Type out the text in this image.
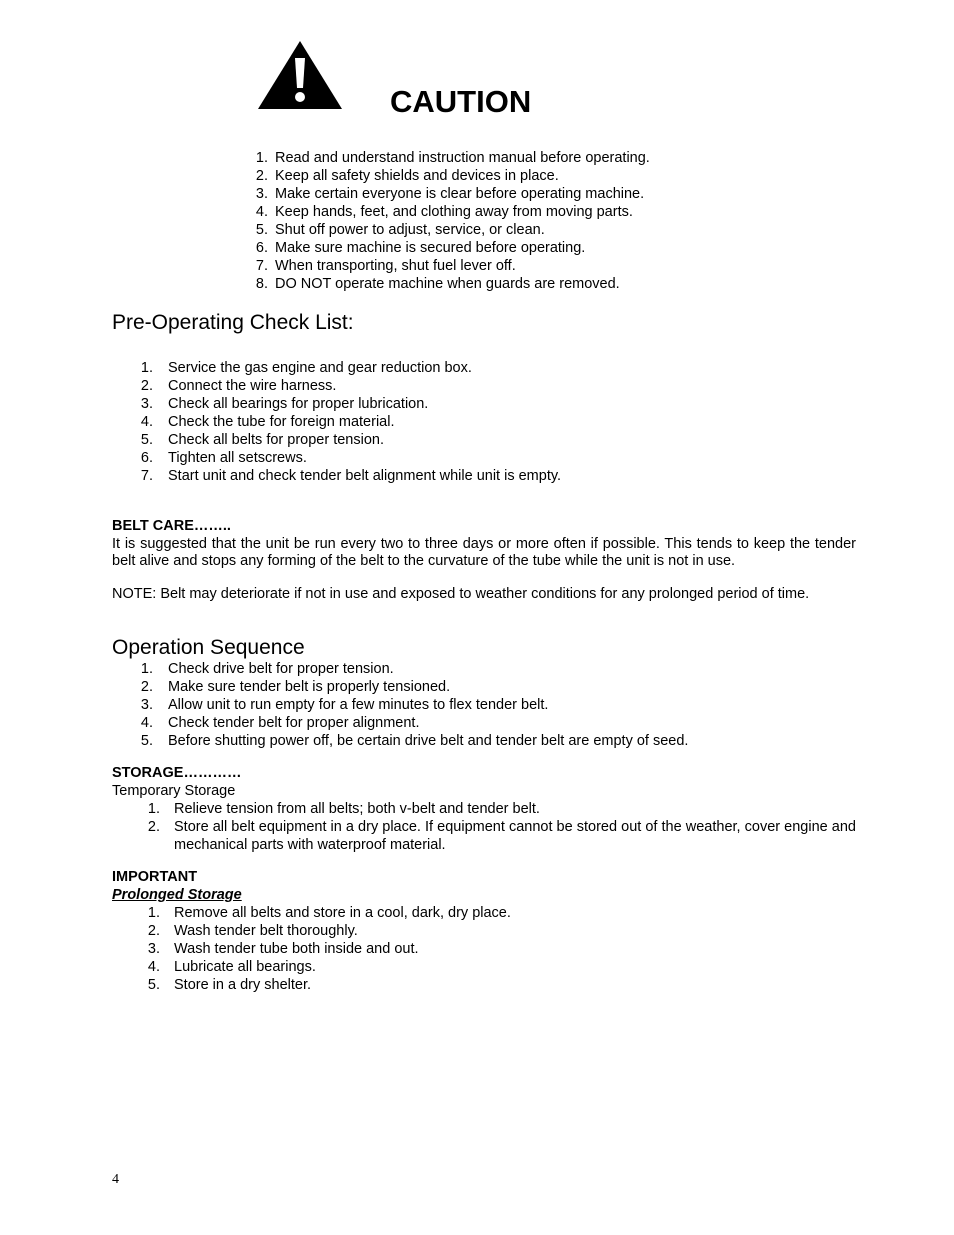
CAUTION
1. Read and understand instruction manual before operating.
2. Keep all safety shields and devices in place.
3. Make certain everyone is clear before operating machine.
4. Keep hands, feet, and clothing away from moving parts.
5. Shut off power to adjust, service, or clean.
6. Make sure machine is secured before operating.
7. When transporting, shut fuel lever off.
8. DO NOT operate machine when guards are removed.
Pre-Operating Check List:
1. Service the gas engine and gear reduction box.
2. Connect the wire harness.
3. Check all bearings for proper lubrication.
4. Check the tube for foreign material.
5. Check all belts for proper tension.
6. Tighten all setscrews.
7. Start unit and check tender belt alignment while unit is empty.
BELT CARE……..
It is suggested that the unit be run every two to three days or more often if possible. This tends to keep the tender belt alive and stops any forming of the belt to the curvature of the tube while the unit is not in use.
NOTE: Belt may deteriorate if not in use and exposed to weather conditions for any prolonged period of time.
Operation Sequence
1. Check drive belt for proper tension.
2. Make sure tender belt is properly tensioned.
3. Allow unit to run empty for a few minutes to flex tender belt.
4. Check tender belt for proper alignment.
5. Before shutting power off, be certain drive belt and tender belt are empty of seed.
STORAGE…………
Temporary Storage
1. Relieve tension from all belts; both v-belt and tender belt.
2. Store all belt equipment in a dry place. If equipment cannot be stored out of the weather, cover engine and mechanical parts with waterproof material.
IMPORTANT
Prolonged Storage
1. Remove all belts and store in a cool, dark, dry place.
2. Wash tender belt thoroughly.
3. Wash tender tube both inside and out.
4. Lubricate all bearings.
5. Store in a dry shelter.
4
